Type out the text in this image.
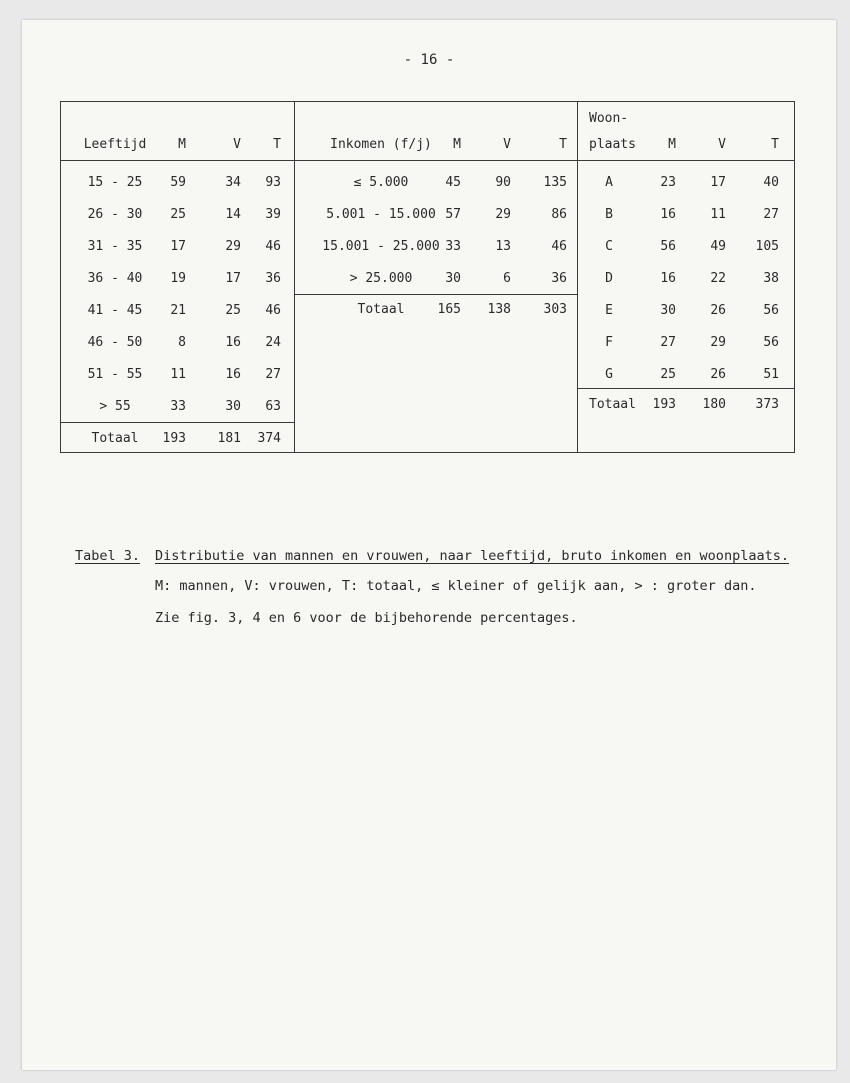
- 16 -
Leeftijd	M	V	T
15 - 25	59	34	93
26 - 30	25	14	39
31 - 35	17	29	46
36 - 40	19	17	36
41 - 45	21	25	46
46 - 50	8	16	24
51 - 55	11	16	27
> 55	33	30	63
Totaal	193	181	374
Inkomen (f/j)	M	V	T
≤ 5.000	45	90	135
5.001 - 15.000 57	29	86
15.001 - 25.000 33	13	46
> 25.000	30	6	36
Totaal	165	138	303
plaats	M	V	T
A	23	17	40
B	16	11	27
C	56	49	105
D	16	22	38
E	30	26	56
F	27	29	56
G	25	26	51
Totaal	193	180	373
Woon-
Tabel 3. Distributie van mannen en vrouwen, naar leeftijd, bruto inkomen en woonplaats.
M: mannen, V: vrouwen, T: totaal, ≤ kleiner of gelijk aan, > : groter dan.
Zie fig. 3, 4 en 6 voor de bijbehorende percentages.
